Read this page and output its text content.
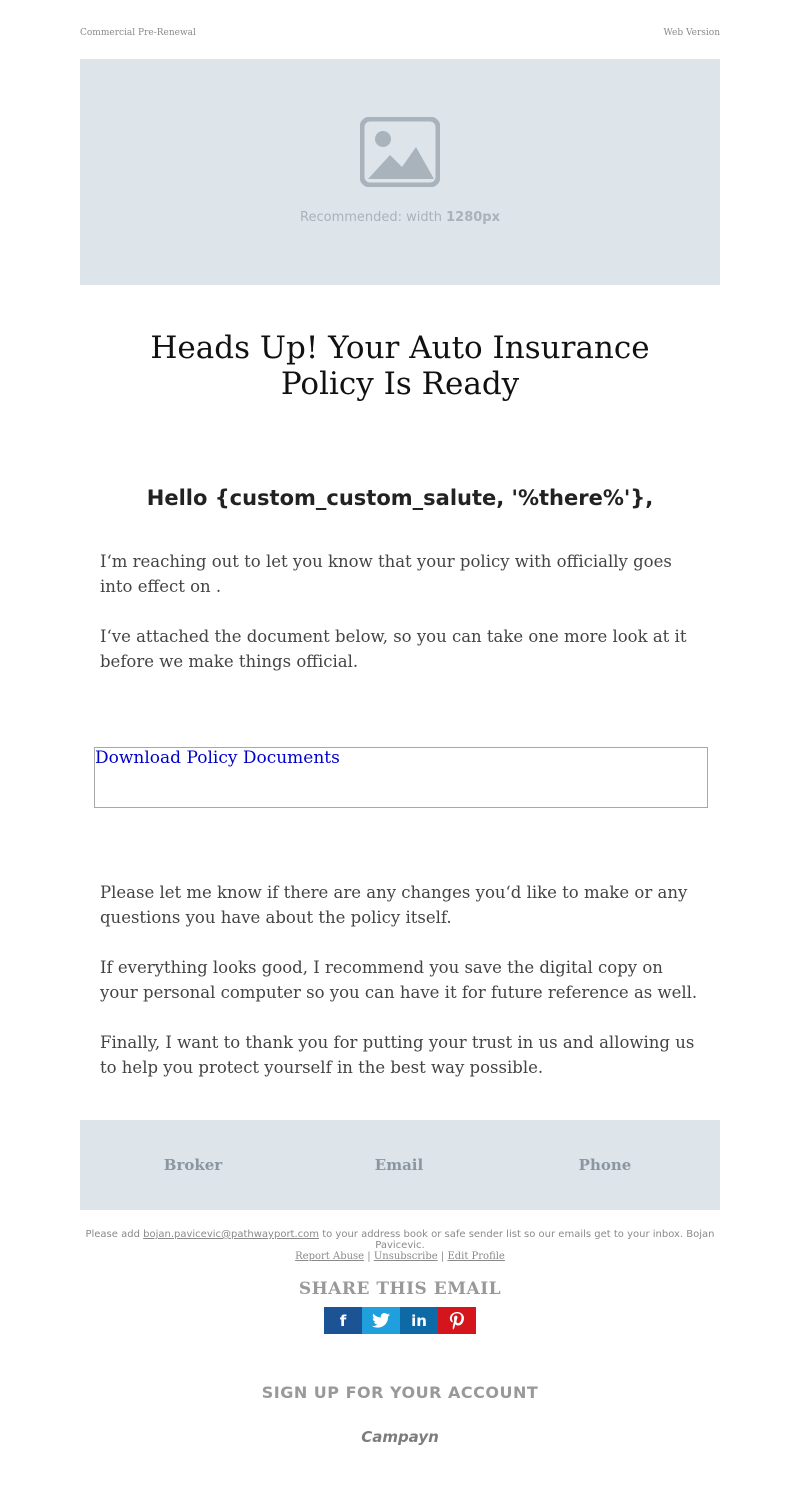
Commercial Pre-Renewal	Web Version
Recommended: width 1280px
Heads Up! Your Auto Insurance Policy Is Ready
Hello {custom_custom_salute, '%there%'},

I‘m reaching out to let you know that your policy with officially goes into effect on .

I‘ve attached the document below, so you can take one more look at it before we make things official.

Download Policy Documents

Please let me know if there are any changes you‘d like to make or any questions you have about the policy itself.

If everything looks good, I recommend you save the digital copy on your personal computer so you can have it for future reference as well.

Finally, I want to thank you for putting your trust in us and allowing us to help you protect yourself in the best way possible.

Broker	Email	Phone
Please add bojan.pavicevic@pathwayport.com to your address book or safe sender list so our emails get to your inbox. Bojan Pavicevic.
Report Abuse | Unsubscribe | Edit Profile
SHARE THIS EMAIL
f	in
SIGN UP FOR YOUR ACCOUNT
Campayn
